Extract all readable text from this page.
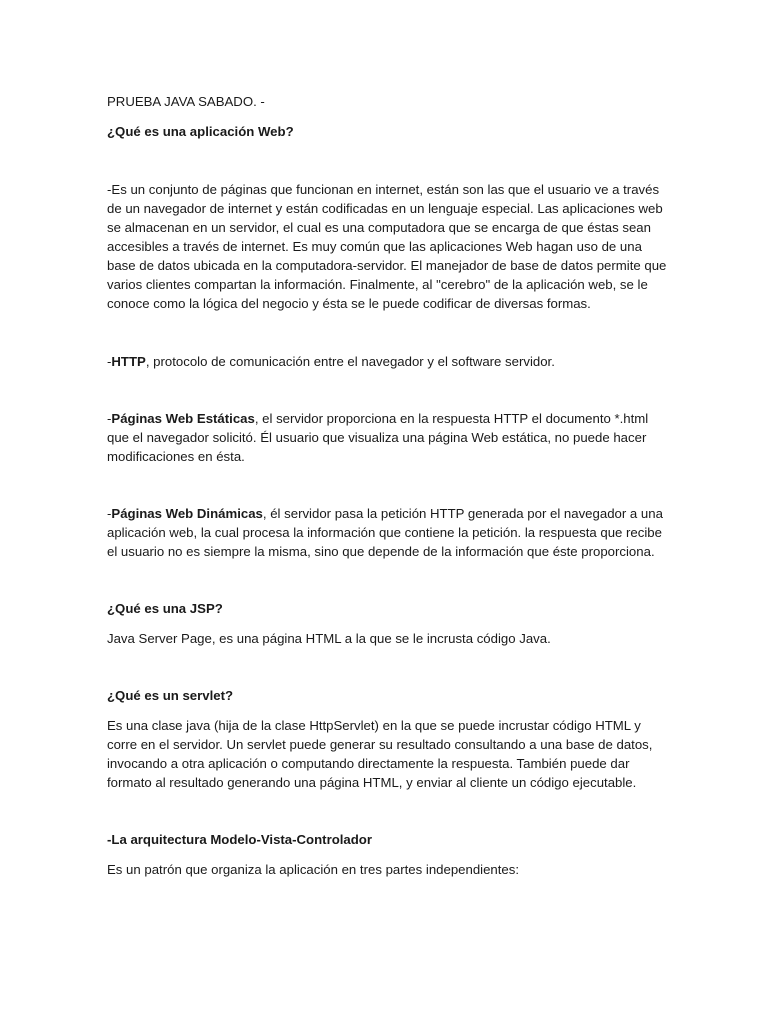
PRUEBA JAVA SABADO. -

¿Qué es una aplicación Web?

-Es un conjunto de páginas que funcionan en internet, están son las que el usuario ve a través de un navegador de internet y están codificadas en un lenguaje especial. Las aplicaciones web se almacenan en un servidor, el cual es una computadora que se encarga de que éstas sean accesibles a través de internet. Es muy común que las aplicaciones Web hagan uso de una base de datos ubicada en la computadora-servidor. El manejador de base de datos permite que varios clientes compartan la información. Finalmente, al "cerebro" de la aplicación web, se le conoce como la lógica del negocio y ésta se le puede codificar de diversas formas.

-HTTP, protocolo de comunicación entre el navegador y el software servidor.

-Páginas Web Estáticas, el servidor proporciona en la respuesta HTTP el documento *.html que el navegador solicitó. Él usuario que visualiza una página Web estática, no puede hacer modificaciones en ésta.

-Páginas Web Dinámicas, él servidor pasa la petición HTTP generada por el navegador a una aplicación web, la cual procesa la información que contiene la petición. la respuesta que recibe el usuario no es siempre la misma, sino que depende de la información que éste proporciona.

¿Qué es una JSP?

Java Server Page, es una página HTML a la que se le incrusta código Java.

¿Qué es un servlet?

Es una clase java (hija de la clase HttpServlet) en la que se puede incrustar código HTML y corre en el servidor. Un servlet puede generar su resultado consultando a una base de datos, invocando a otra aplicación o computando directamente la respuesta. También puede dar formato al resultado generando una página HTML, y enviar al cliente un código ejecutable.

-La arquitectura Modelo-Vista-Controlador

Es un patrón que organiza la aplicación en tres partes independientes:
